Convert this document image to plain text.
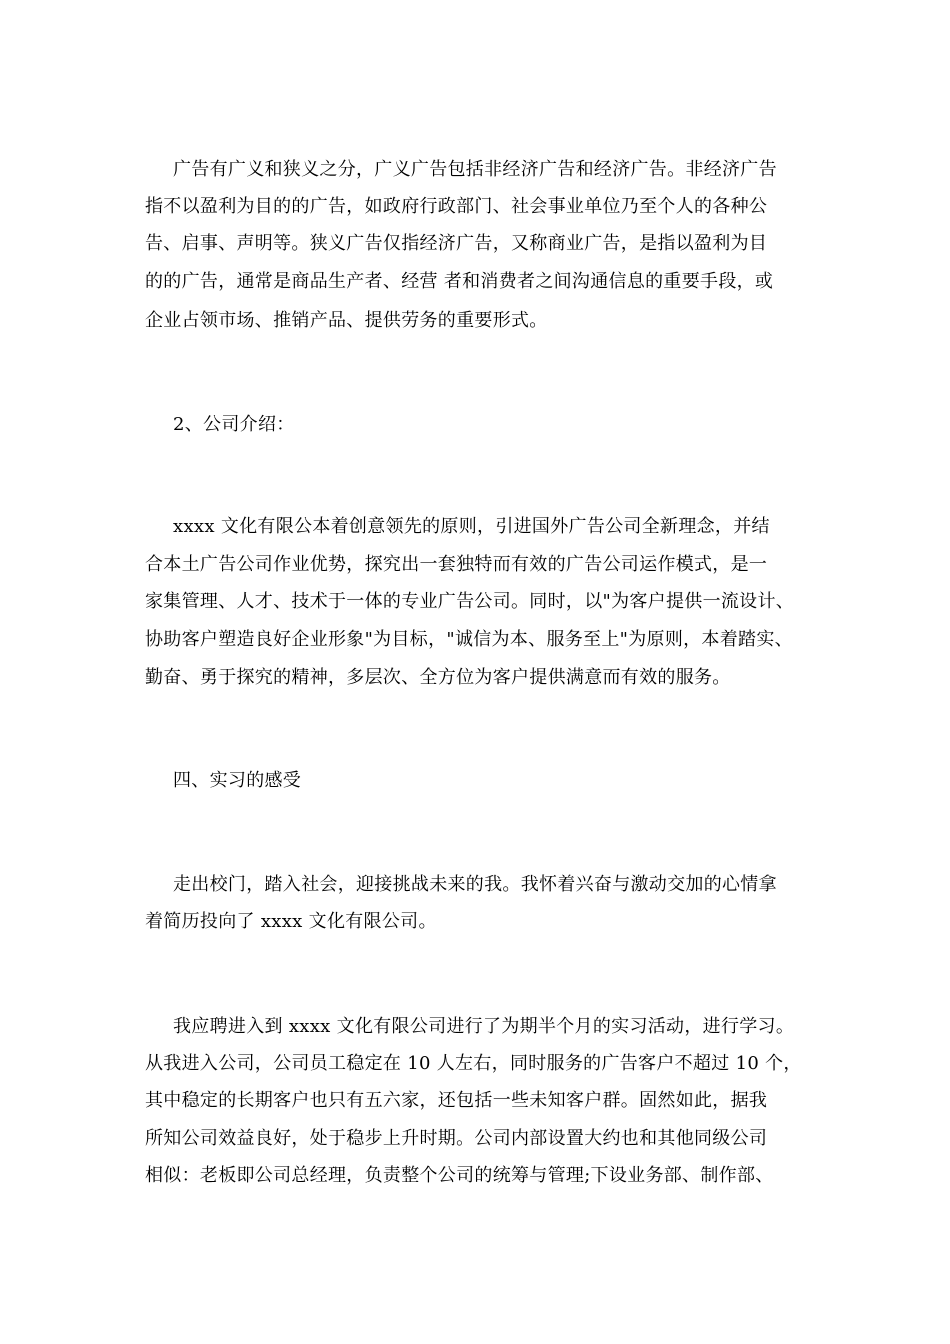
广告有广义和狭义之分，广义广告包括非经济广告和经济广告。非经济广告
指不以盈利为目的的广告，如政府行政部门、社会事业单位乃至个人的各种公
告、启事、声明等。狭义广告仅指经济广告，又称商业广告，是指以盈利为目
的的广告，通常是商品生产者、经营 者和消费者之间沟通信息的重要手段，或
企业占领市场、推销产品、提供劳务的重要形式。
2、公司介绍：
xxxx 文化有限公本着创意领先的原则，引进国外广告公司全新理念，并结
合本土广告公司作业优势，探究出一套独特而有效的广告公司运作模式，是一
家集管理、人才、技术于一体的专业广告公司。同时，以"为客户提供一流设计、
协助客户塑造良好企业形象"为目标，"诚信为本、服务至上"为原则，本着踏实、
勤奋、勇于探究的精神，多层次、全方位为客户提供满意而有效的服务。
四、实习的感受
走出校门，踏入社会，迎接挑战未来的我。我怀着兴奋与激动交加的心情拿
着简历投向了 xxxx 文化有限公司。
我应聘进入到 xxxx 文化有限公司进行了为期半个月的实习活动，进行学习。
从我进入公司，公司员工稳定在 10 人左右，同时服务的广告客户不超过 10 个，
其中稳定的长期客户也只有五六家，还包括一些未知客户群。固然如此，据我
所知公司效益良好，处于稳步上升时期。公司内部设置大约也和其他同级公司
相似：老板即公司总经理，负责整个公司的统筹与管理;下设业务部、制作部、
